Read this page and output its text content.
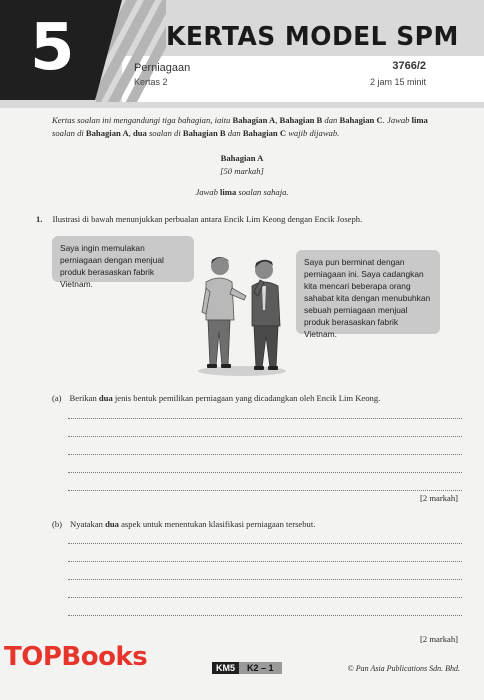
5	KERTAS MODEL SPM
Perniagaan
Kertas 2
3766/2
2 jam 15 minit
Kertas soalan ini mengandungi tiga bahagian, iaitu Bahagian A, Bahagian B dan Bahagian C. Jawab lima soalan di Bahagian A, dua soalan di Bahagian B dan Bahagian C wajib dijawab.
Bahagian A
[50 markah]
Jawab lima soalan sahaja.
1. Ilustrasi di bawah menunjukkan perbualan antara Encik Lim Keong dengan Encik Joseph.
Saya ingin memulakan perniagaan dengan menjual produk berasaskan fabrik Vietnam.
Saya pun berminat dengan perniagaan ini. Saya cadangkan kita mencari beberapa orang sahabat kita dengan menubuhkan sebuah perniagaan menjual produk berasaskan fabrik Vietnam.
(a) Berikan dua jenis bentuk pemilikan perniagaan yang dicadangkan oleh Encik Lim Keong.
[2 markah]
(b) Nyatakan dua aspek untuk menentukan klasifikasi perniagaan tersebut.
[2 markah]
TOPBooks	KM5 K2 – 1	© Pan Asia Publications Sdn. Bhd.
